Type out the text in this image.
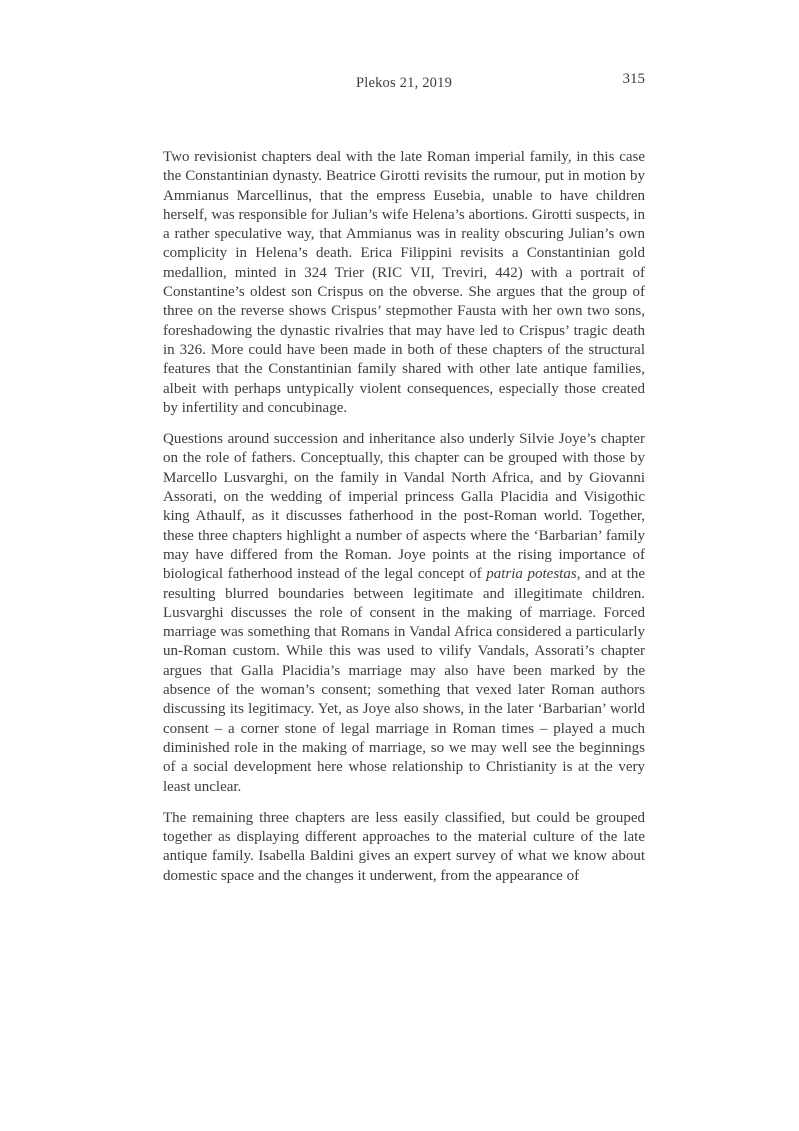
Plekos 21, 2019	315

Two revisionist chapters deal with the late Roman imperial family, in this case the Constantinian dynasty. Beatrice Girotti revisits the rumour, put in motion by Ammianus Marcellinus, that the empress Eusebia, unable to have children herself, was responsible for Julian’s wife Helena’s abortions. Girotti suspects, in a rather speculative way, that Ammianus was in reality obscuring Julian’s own complicity in Helena’s death. Erica Filippini revisits a Constantinian gold medallion, minted in 324 Trier (RIC VII, Treviri, 442) with a portrait of Constantine’s oldest son Crispus on the obverse. She argues that the group of three on the reverse shows Crispus’ stepmother Fausta with her own two sons, foreshadowing the dynastic rivalries that may have led to Crispus’ tragic death in 326. More could have been made in both of these chapters of the structural features that the Constantinian family shared with other late antique families, albeit with perhaps untypically violent consequences, especially those created by infertility and concubinage.

Questions around succession and inheritance also underly Silvie Joye’s chapter on the role of fathers. Conceptually, this chapter can be grouped with those by Marcello Lusvarghi, on the family in Vandal North Africa, and by Giovanni Assorati, on the wedding of imperial princess Galla Placidia and Visigothic king Athaulf, as it discusses fatherhood in the post-Roman world. Together, these three chapters highlight a number of aspects where the ‘Barbarian’ family may have differed from the Roman. Joye points at the rising importance of biological fatherhood instead of the legal concept of patria potestas, and at the resulting blurred boundaries between legitimate and illegitimate children. Lusvarghi discusses the role of consent in the making of marriage. Forced marriage was something that Romans in Vandal Africa considered a particularly un-Roman custom. While this was used to vilify Vandals, Assorati’s chapter argues that Galla Placidia’s marriage may also have been marked by the absence of the woman’s consent; something that vexed later Roman authors discussing its legitimacy. Yet, as Joye also shows, in the later ‘Barbarian’ world consent – a corner stone of legal marriage in Roman times – played a much diminished role in the making of marriage, so we may well see the beginnings of a social development here whose relationship to Christianity is at the very least unclear.

The remaining three chapters are less easily classified, but could be grouped together as displaying different approaches to the material culture of the late antique family. Isabella Baldini gives an expert survey of what we know about domestic space and the changes it underwent, from the appearance of
